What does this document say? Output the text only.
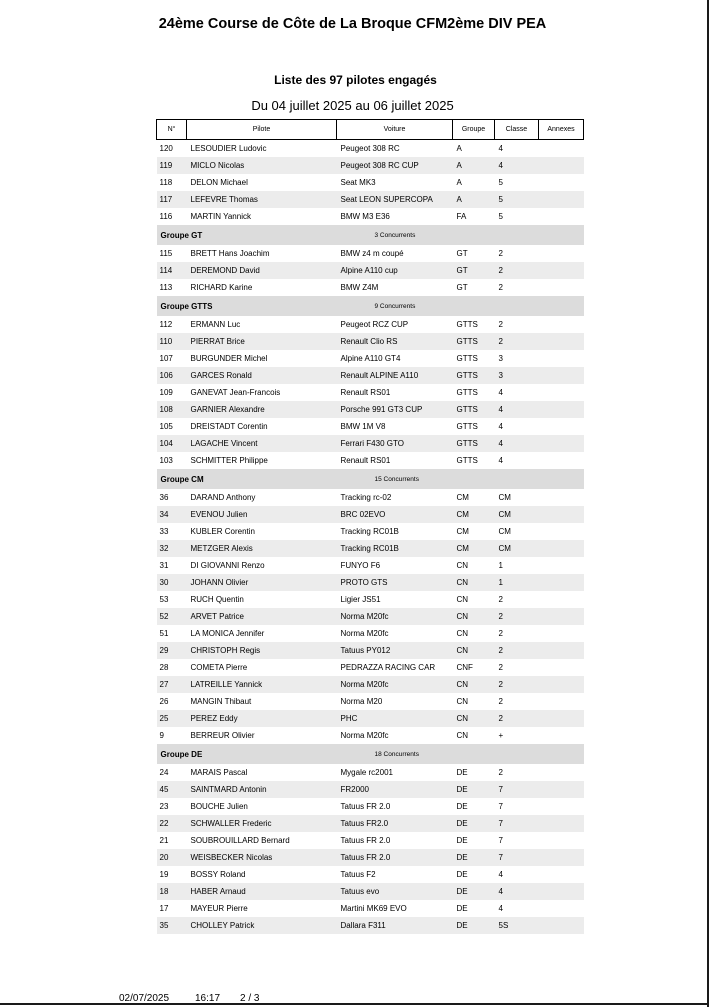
24ème Course de Côte de La Broque CFM2ème DIV PEA
Liste des 97 pilotes engagés
Du 04 juillet 2025 au 06 juillet 2025
N°	Pilote	Voiture	Groupe	Classe	Annexes
120	LESOUDIER Ludovic	Peugeot 308 RC	A	4	
119	MICLO Nicolas	Peugeot 308 RC CUP	A	4	
118	DELON Michael	Seat MK3	A	5	
117	LEFEVRE Thomas	Seat LEON SUPERCOPA	A	5	
116	MARTIN Yannick	BMW M3 E36	FA	5	
Groupe GT		3 Concurrents			
115	BRETT Hans Joachim	BMW z4 m coupé	GT	2	
114	DEREMOND David	Alpine A110 cup	GT	2	
113	RICHARD Karine	BMW Z4M	GT	2	
Groupe GTTS		9 Concurrents			
112	ERMANN Luc	Peugeot RCZ CUP	GTTS	2	
110	PIERRAT Brice	Renault Clio RS	GTTS	2	
107	BURGUNDER Michel	Alpine A110 GT4	GTTS	3	
106	GARCES Ronald	Renault ALPINE A110	GTTS	3	
109	GANEVAT Jean-Francois	Renault RS01	GTTS	4	
108	GARNIER Alexandre	Porsche 991 GT3 CUP	GTTS	4	
105	DREISTADT Corentin	BMW 1M V8	GTTS	4	
104	LAGACHE Vincent	Ferrari F430 GTO	GTTS	4	
103	SCHMITTER Philippe	Renault RS01	GTTS	4	
Groupe CM		15 Concurrents			
36	DARAND Anthony	Tracking rc-02	CM	CM	
34	EVENOU Julien	BRC 02EVO	CM	CM	
33	KUBLER Corentin	Tracking RC01B	CM	CM	
32	METZGER Alexis	Tracking RC01B	CM	CM	
31	DI GIOVANNI Renzo	FUNYO F6	CN	1	
30	JOHANN Olivier	PROTO GTS	CN	1	
53	RUCH Quentin	Ligier JS51	CN	2	
52	ARVET Patrice	Norma M20fc	CN	2	
51	LA MONICA Jennifer	Norma M20fc	CN	2	
29	CHRISTOPH Regis	Tatuus PY012	CN	2	
28	COMETA Pierre	PEDRAZZA RACING CAR	CNF	2	
27	LATREILLE Yannick	Norma M20fc	CN	2	
26	MANGIN Thibaut	Norma M20	CN	2	
25	PEREZ Eddy	PHC	CN	2	
9	BERREUR Olivier	Norma M20fc	CN	+	
Groupe DE		18 Concurrents			
24	MARAIS Pascal	Mygale rc2001	DE	2	
45	SAINTMARD Antonin	FR2000	DE	7	
23	BOUCHE Julien	Tatuus FR 2.0	DE	7	
22	SCHWALLER Frederic	Tatuus FR2.0	DE	7	
21	SOUBROUILLARD Bernard	Tatuus FR 2.0	DE	7	
20	WEISBECKER Nicolas	Tatuus FR 2.0	DE	7	
19	BOSSY Roland	Tatuus F2	DE	4	
18	HABER Arnaud	Tatuus evo	DE	4	
17	MAYEUR Pierre	Martini MK69 EVO	DE	4	
35	CHOLLEY Patrick	Dallara F311	DE	5S	
02/07/2025	16:17 2 / 3
